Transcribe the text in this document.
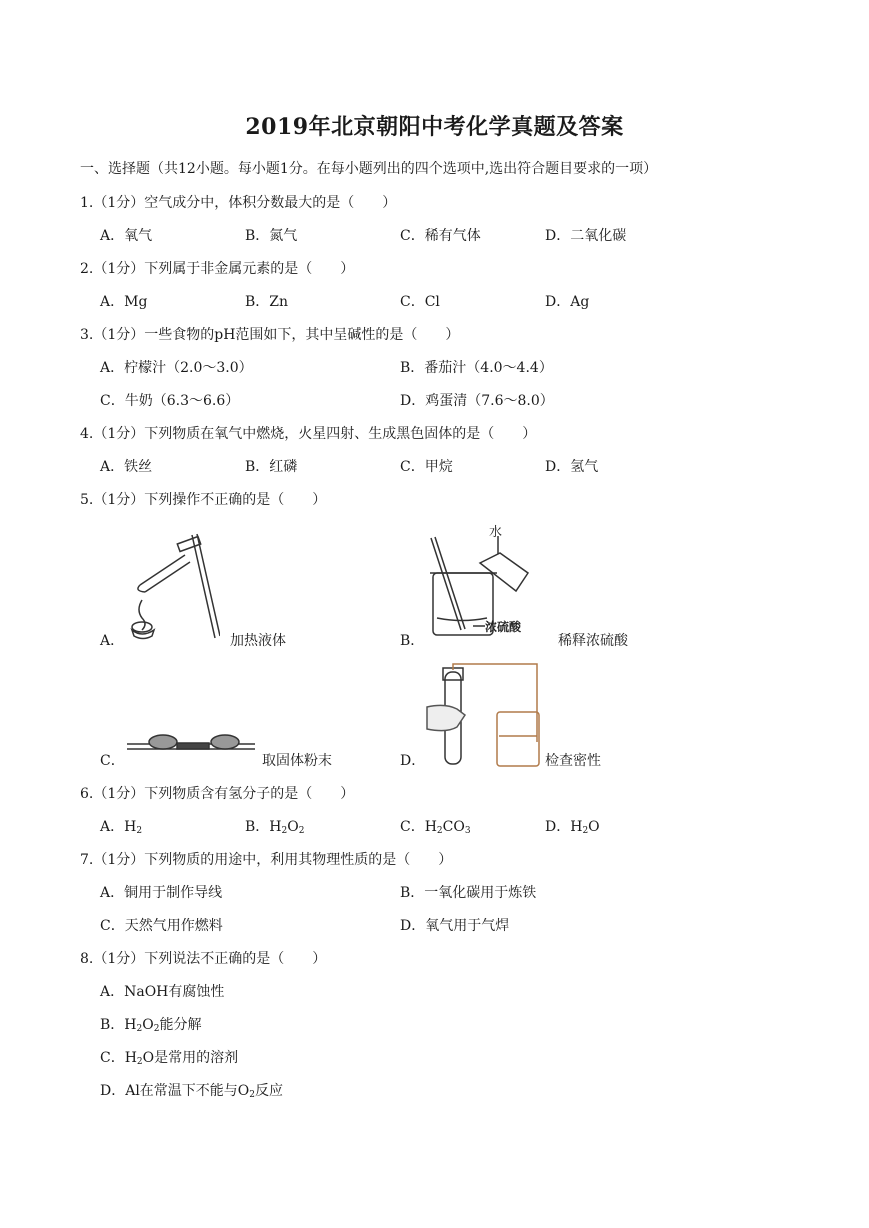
2019年北京朝阳中考化学真题及答案
一、选择题（共12小题。每小题1分。在每小题列出的四个选项中,选出符合题目要求的一项）
1.（1分）空气成分中，体积分数最大的是（　　）
A．氧气	B．氮气	C．稀有气体	D．二氧化碳
2.（1分）下列属于非金属元素的是（　　）
A．Mg	B．Zn	C．Cl	D．Ag
3.（1分）一些食物的pH范围如下，其中呈碱性的是（　　）
A．柠檬汁（2.0～3.0）	B．番茄汁（4.0～4.4）
C．牛奶（6.3～6.6）	D．鸡蛋清（7.6～8.0）
4.（1分）下列物质在氧气中燃烧，火星四射、生成黑色固体的是（　　）
A．铁丝	B．红磷	C．甲烷	D．氢气
5.（1分）下列操作不正确的是（　　）
A．	加热液体	B．
水
浓硫酸
稀释浓硫酸
C．	取固体粉末	D．	检查密性
6.（1分）下列物质含有氢分子的是（　　）
A．$H_2$	B．$H_2O_2$	C．$H_2CO_3$	D．$H_2O$
7.（1分）下列物质的用途中，利用其物理性质的是（　　）
A．铜用于制作导线	B．一氧化碳用于炼铁
C．天然气用作燃料	D．氧气用于气焊
8.（1分）下列说法不正确的是（　　）
A．NaOH有腐蚀性
B．$H_2O_2$能分解
C．$H_2O$是常用的溶剂
D．Al在常温下不能与$O_2$反应
